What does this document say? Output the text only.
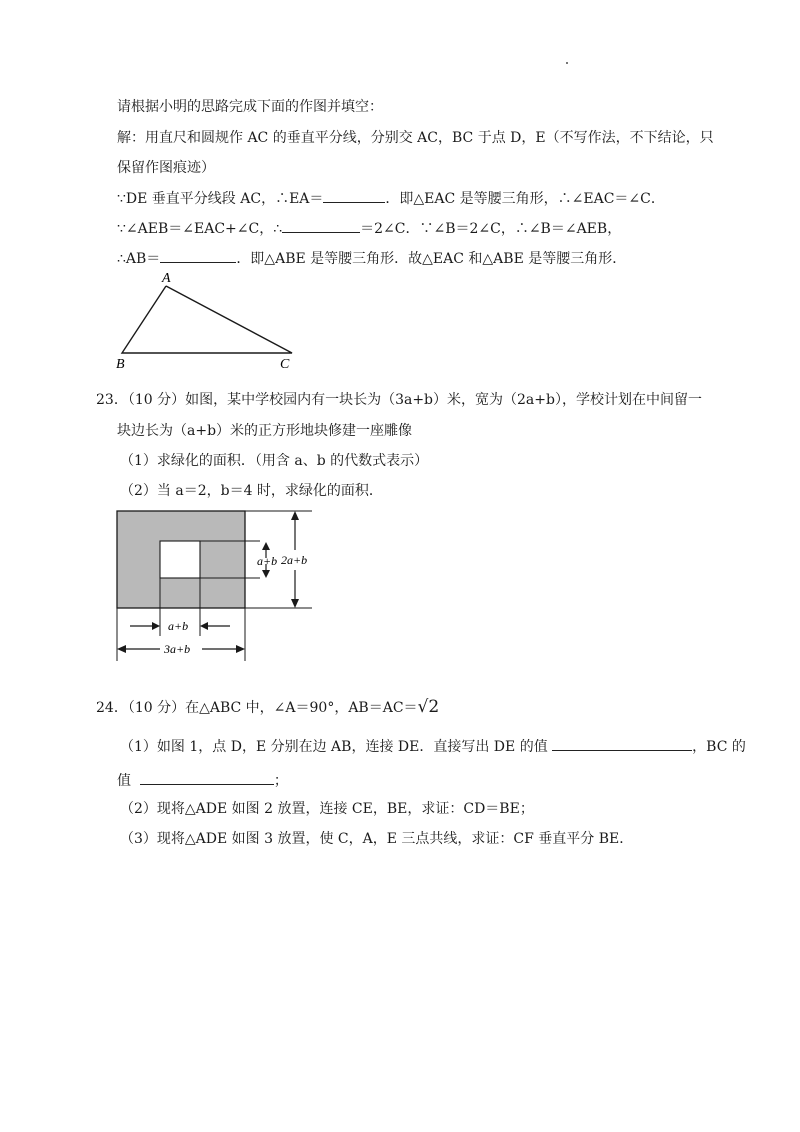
请根据小明的思路完成下面的作图并填空：
解：用直尺和圆规作 AC 的垂直平分线，分别交 AC，BC 于点 D，E（不写作法，不下结论，只
保留作图痕迹）
∵DE 垂直平分线段 AC，∴EA＝	．即△EAC 是等腰三角形，∴∠EAC＝∠C．
∵∠AEB＝∠EAC+∠C，∴	＝2∠C．∵∠B＝2∠C，∴∠B＝∠AEB，
∴AB＝	．即△ABE 是等腰三角形．故△EAC 和△ABE 是等腰三角形．
A
B	C
23．（10 分）如图，某中学校园内有一块长为（3a+b）米，宽为（2a+b），学校计划在中间留一
块边长为（a+b）米的正方形地块修建一座雕像
（1）求绿化的面积．（用含 a、b 的代数式表示）
（2）当 a＝2，b＝4 时，求绿化的面积．
a+b 2a+b
a+b
3a+b
24．（10 分）在△ABC 中，∠A＝90°，AB＝AC＝√2
（1）如图 1，点 D，E 分别在边 AB，连接 DE．直接写出 DE 的值	，BC 的
值	；
（2）现将△ADE 如图 2 放置，连接 CE，BE，求证：CD＝BE；
（3）现将△ADE 如图 3 放置，使 C，A，E 三点共线，求证：CF 垂直平分 BE．
